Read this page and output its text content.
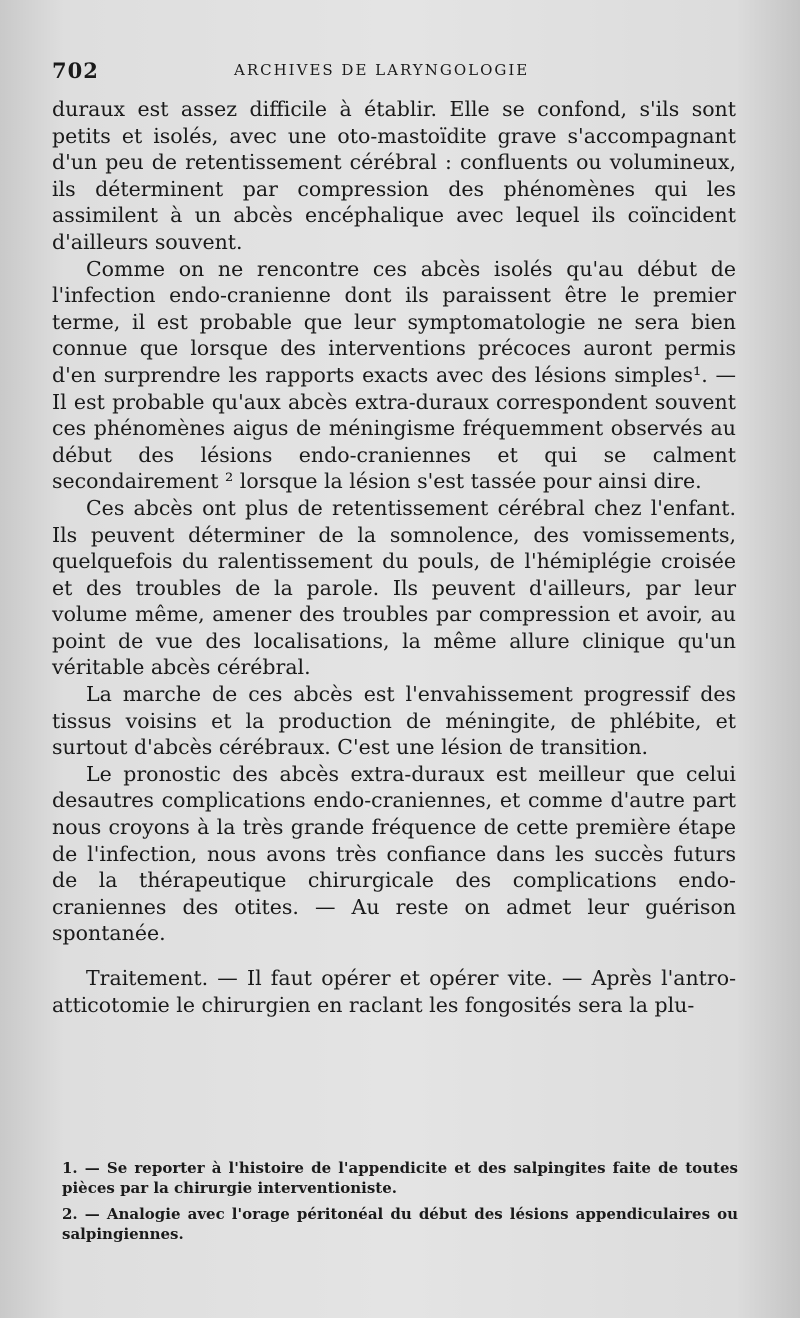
702	ARCHIVES DE LARYNGOLOGIE

duraux est assez difficile à établir. Elle se confond, s'ils sont petits et isolés, avec une oto-mastoïdite grave s'accompagnant d'un peu de retentissement cérébral : confluents ou volumineux, ils déterminent par compression des phénomènes qui les assimilent à un abcès encéphalique avec lequel ils coïncident d'ailleurs souvent.

Comme on ne rencontre ces abcès isolés qu'au début de l'infection endo-cranienne dont ils paraissent être le premier terme, il est probable que leur symptomatologie ne sera bien connue que lorsque des interventions précoces auront permis d'en surprendre les rapports exacts avec des lésions simples¹. — Il est probable qu'aux abcès extra-duraux correspondent souvent ces phénomènes aigus de méningisme fréquemment observés au début des lésions endo-craniennes et qui se calment secondairement ² lorsque la lésion s'est tassée pour ainsi dire.

Ces abcès ont plus de retentissement cérébral chez l'enfant. Ils peuvent déterminer de la somnolence, des vomissements, quelquefois du ralentissement du pouls, de l'hémiplégie croisée et des troubles de la parole. Ils peuvent d'ailleurs, par leur volume même, amener des troubles par compression et avoir, au point de vue des localisations, la même allure clinique qu'un véritable abcès cérébral.

La marche de ces abcès est l'envahissement progressif des tissus voisins et la production de méningite, de phlébite, et surtout d'abcès cérébraux. C'est une lésion de transition.

Le pronostic des abcès extra-duraux est meilleur que celui desautres complications endo-craniennes, et comme d'autre part nous croyons à la très grande fréquence de cette première étape de l'infection, nous avons très confiance dans les succès futurs de la thérapeutique chirurgicale des complications endo-craniennes des otites. — Au reste on admet leur guérison spontanée.

Traitement. — Il faut opérer et opérer vite. — Après l'antro-atticotomie le chirurgien en raclant les fongosités sera la plu-

1. — Se reporter à l'histoire de l'appendicite et des salpingites faite de toutes pièces par la chirurgie interventioniste.

2. — Analogie avec l'orage péritonéal du début des lésions appendiculaires ou salpingiennes.
